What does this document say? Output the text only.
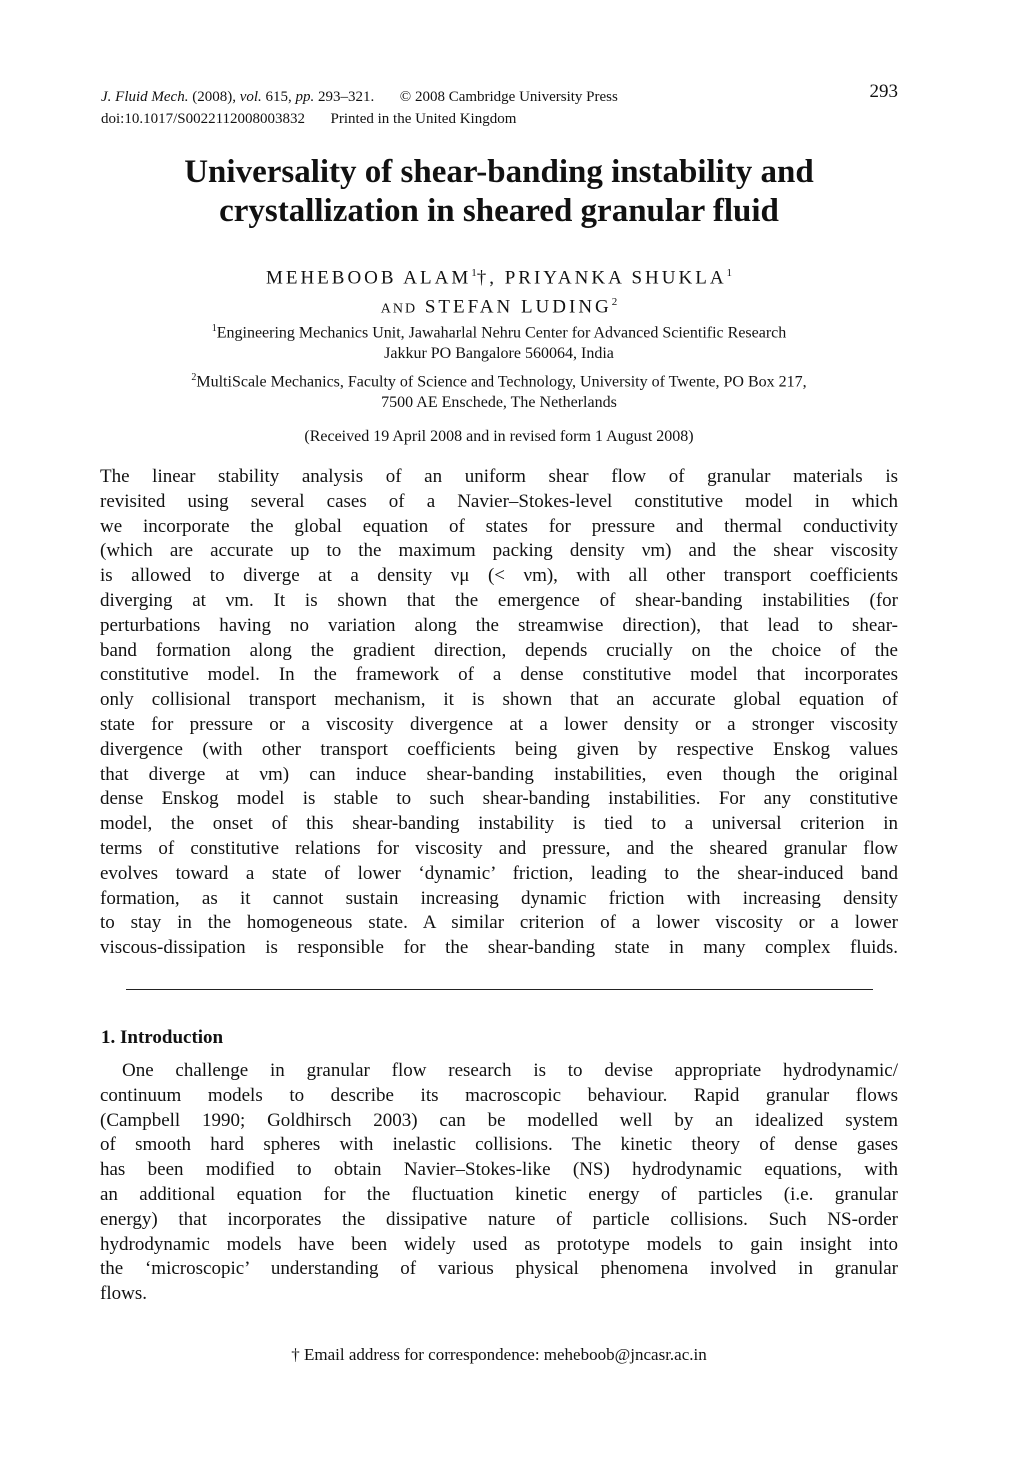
J. Fluid Mech. (2008), vol. 615, pp. 293–321. © 2008 Cambridge University Press
doi:10.1017/S0022112008003832 Printed in the United Kingdom
293
Universality of shear-banding instability and
crystallization in sheared granular fluid
MEHEBOOB ALAM$^1$†, PRIYANKA SHUKLA$^1$
AND STEFAN LUDING$^2$
$^1$Engineering Mechanics Unit, Jawaharlal Nehru Center for Advanced Scientific Research
Jakkur PO Bangalore 560064, India
$^2$MultiScale Mechanics, Faculty of Science and Technology, University of Twente, PO Box 217,
7500 AE Enschede, The Netherlands
(Received 19 April 2008 and in revised form 1 August 2008)
The linear stability analysis of an uniform shear flow of granular materials is
revisited using several cases of a Navier–Stokes-level constitutive model in which
we incorporate the global equation of states for pressure and thermal conductivity
(which are accurate up to the maximum packing density νm) and the shear viscosity
is allowed to diverge at a density νμ (< νm), with all other transport coefficients
diverging at νm. It is shown that the emergence of shear-banding instabilities (for
perturbations having no variation along the streamwise direction), that lead to shear-
band formation along the gradient direction, depends crucially on the choice of the
constitutive model. In the framework of a dense constitutive model that incorporates
only collisional transport mechanism, it is shown that an accurate global equation of
state for pressure or a viscosity divergence at a lower density or a stronger viscosity
divergence (with other transport coefficients being given by respective Enskog values
that diverge at νm) can induce shear-banding instabilities, even though the original
dense Enskog model is stable to such shear-banding instabilities. For any constitutive
model, the onset of this shear-banding instability is tied to a universal criterion in
terms of constitutive relations for viscosity and pressure, and the sheared granular flow
evolves toward a state of lower ‘dynamic’ friction, leading to the shear-induced band
formation, as it cannot sustain increasing dynamic friction with increasing density
to stay in the homogeneous state. A similar criterion of a lower viscosity or a lower
viscous-dissipation is responsible for the shear-banding state in many complex fluids.
1. Introduction
One challenge in granular flow research is to devise appropriate hydrodynamic/
continuum models to describe its macroscopic behaviour. Rapid granular flows
(Campbell 1990; Goldhirsch 2003) can be modelled well by an idealized system
of smooth hard spheres with inelastic collisions. The kinetic theory of dense gases
has been modified to obtain Navier–Stokes-like (NS) hydrodynamic equations, with
an additional equation for the fluctuation kinetic energy of particles (i.e. granular
energy) that incorporates the dissipative nature of particle collisions. Such NS-order
hydrodynamic models have been widely used as prototype models to gain insight into
the ‘microscopic’ understanding of various physical phenomena involved in granular
flows.
† Email address for correspondence: meheboob@jncasr.ac.in
